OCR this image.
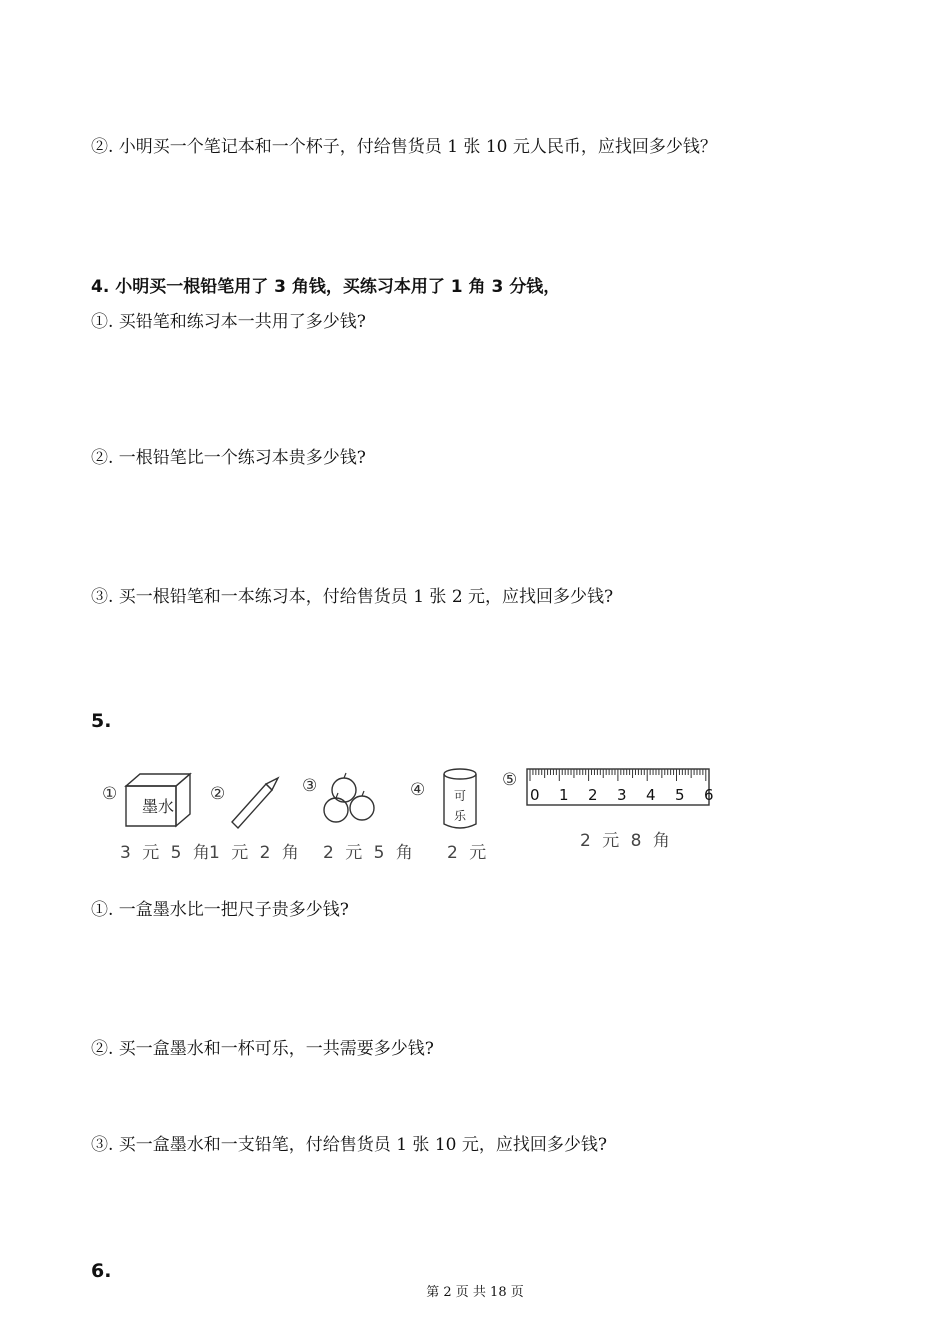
②. 小明买一个笔记本和一个杯子，付给售货员 1 张 10 元人民币，应找回多少钱？
4. 小明买一根铅笔用了 3 角钱，买练习本用了 1 角 3 分钱，
①. 买铅笔和练习本一共用了多少钱?
②. 一根铅笔比一个练习本贵多少钱?
③. 买一根铅笔和一本练习本，付给售货员 1 张 2 元，应找回多少钱?
5.
①	②	③	④	⑤
墨水
可乐
0 1 2 3 4 5 6
3 元 5 角
1 元 2 角 2 元 5 角 2 元
2 元 8 角
①. 一盒墨水比一把尺子贵多少钱?
②. 买一盒墨水和一杯可乐，一共需要多少钱?
③. 买一盒墨水和一支铅笔，付给售货员 1 张 10 元，应找回多少钱?
6.
第 2 页 共 18 页
